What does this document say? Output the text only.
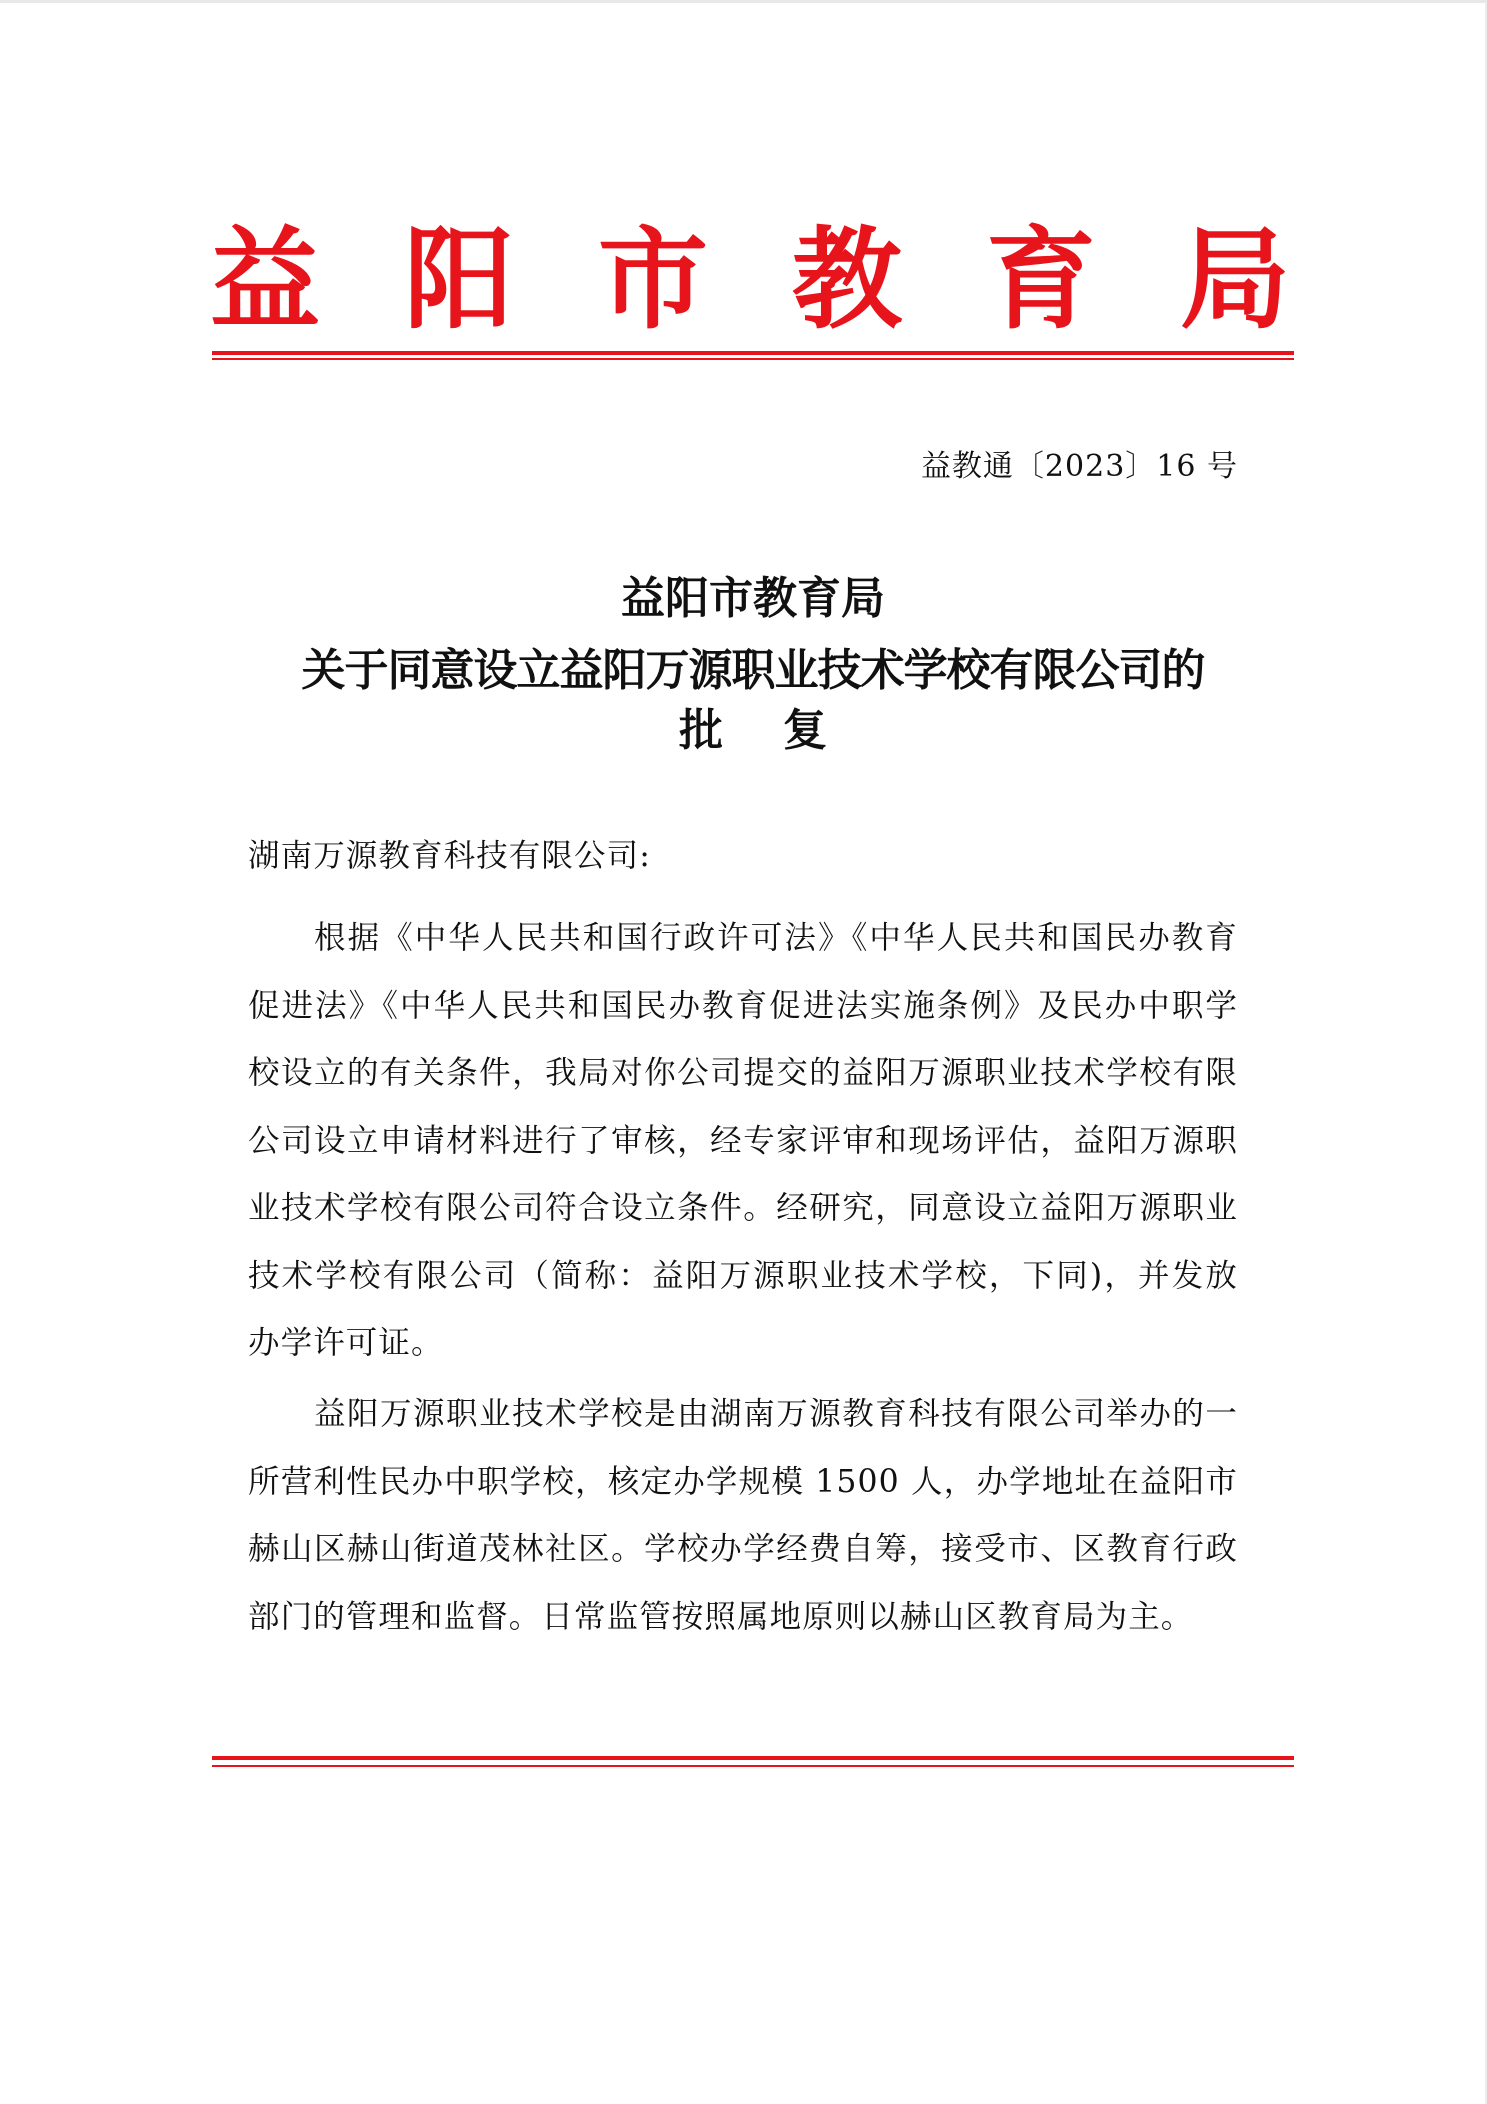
益 阳 市 教 育 局
益教通〔2023〕16 号
益阳市教育局
关于同意设立益阳万源职业技术学校有限公司的
批复

湖南万源教育科技有限公司:

根据《中华人民共和国行政许可法》《中华人民共和国民办教育促进法》《中华人民共和国民办教育促进法实施条例》及民办中职学校设立的有关条件，我局对你公司提交的益阳万源职业技术学校有限公司设立申请材料进行了审核，经专家评审和现场评估，益阳万源职业技术学校有限公司符合设立条件。经研究，同意设立益阳万源职业技术学校有限公司（简称：益阳万源职业技术学校，下同)，并发放办学许可证。

益阳万源职业技术学校是由湖南万源教育科技有限公司举办的一所营利性民办中职学校，核定办学规模 1500 人，办学地址在益阳市赫山区赫山街道茂林社区。学校办学经费自筹，接受市、区教育行政部门的管理和监督。日常监管按照属地原则以赫山区教育局为主。
